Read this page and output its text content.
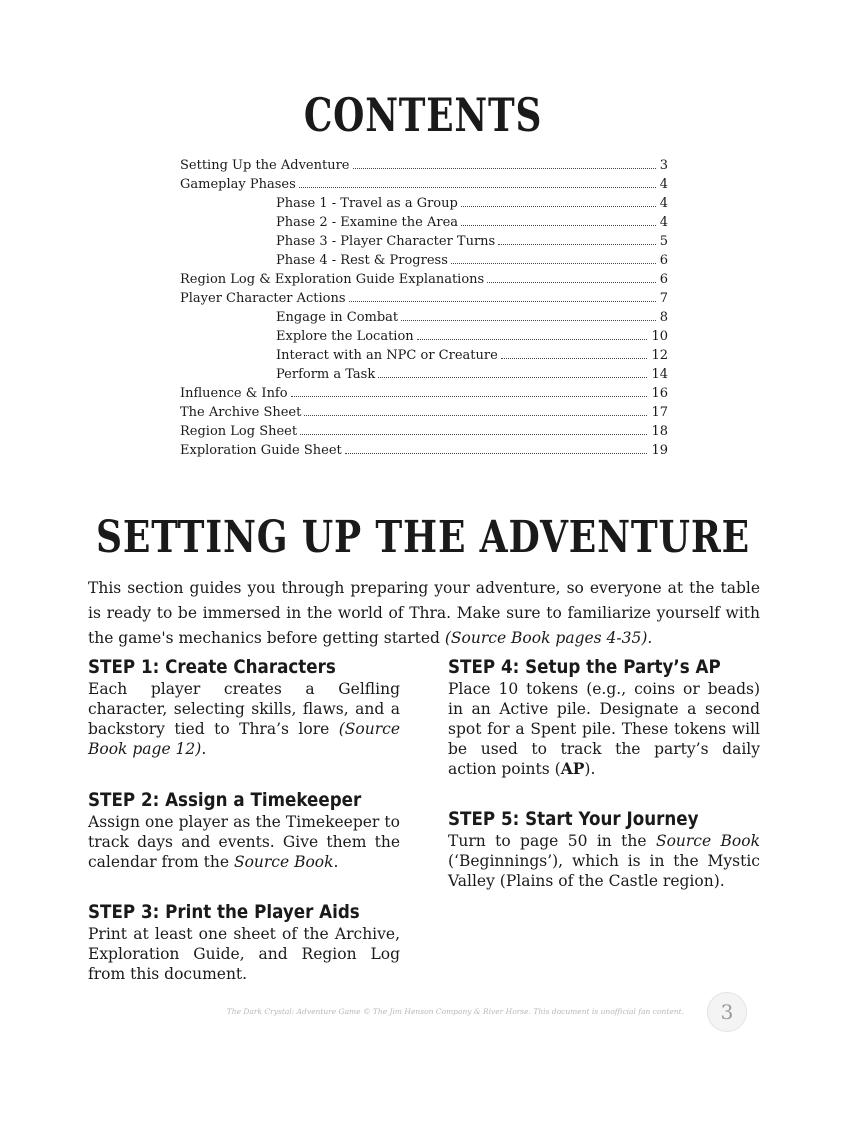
CONTENTS
Setting Up the Adventure	3
Gameplay Phases	4
Phase 1 - Travel as a Group	4
Phase 2 - Examine the Area	4
Phase 3 - Player Character Turns	5
Phase 4 - Rest & Progress	6
Region Log & Exploration Guide Explanations	6
Player Character Actions	7
Engage in Combat	8
Explore the Location	10
Interact with an NPC or Creature	12
Perform a Task	14
Influence & Info	16
The Archive Sheet	17
Region Log Sheet	18
Exploration Guide Sheet	19
SETTING UP THE ADVENTURE

This section guides you through preparing your adventure, so everyone at the table is ready to be immersed in the world of Thra. Make sure to familiarize yourself with the game's mechanics before getting started (Source Book pages 4-35).

STEP 1: Create Characters

Each player creates a Gelfling character, selecting skills, flaws, and a backstory tied to Thra’s lore (Source Book page 12).

STEP 2: Assign a Timekeeper

Assign one player as the Timekeeper to track days and events. Give them the calendar from the Source Book.

STEP 3: Print the Player Aids

Print at least one sheet of the Archive, Exploration Guide, and Region Log from this document.

STEP 4: Setup the Party’s AP

Place 10 tokens (e.g., coins or beads) in an Active pile. Designate a second spot for a Spent pile. These tokens will be used to track the party’s daily action points (AP).

STEP 5: Start Your Journey

Turn to page 50 in the Source Book (‘Beginnings’), which is in the Mystic Valley (Plains of the Castle region).

The Dark Crystal: Adventure Game © The Jim Henson Company & River Horse. This document is unofficial fan content.	3
